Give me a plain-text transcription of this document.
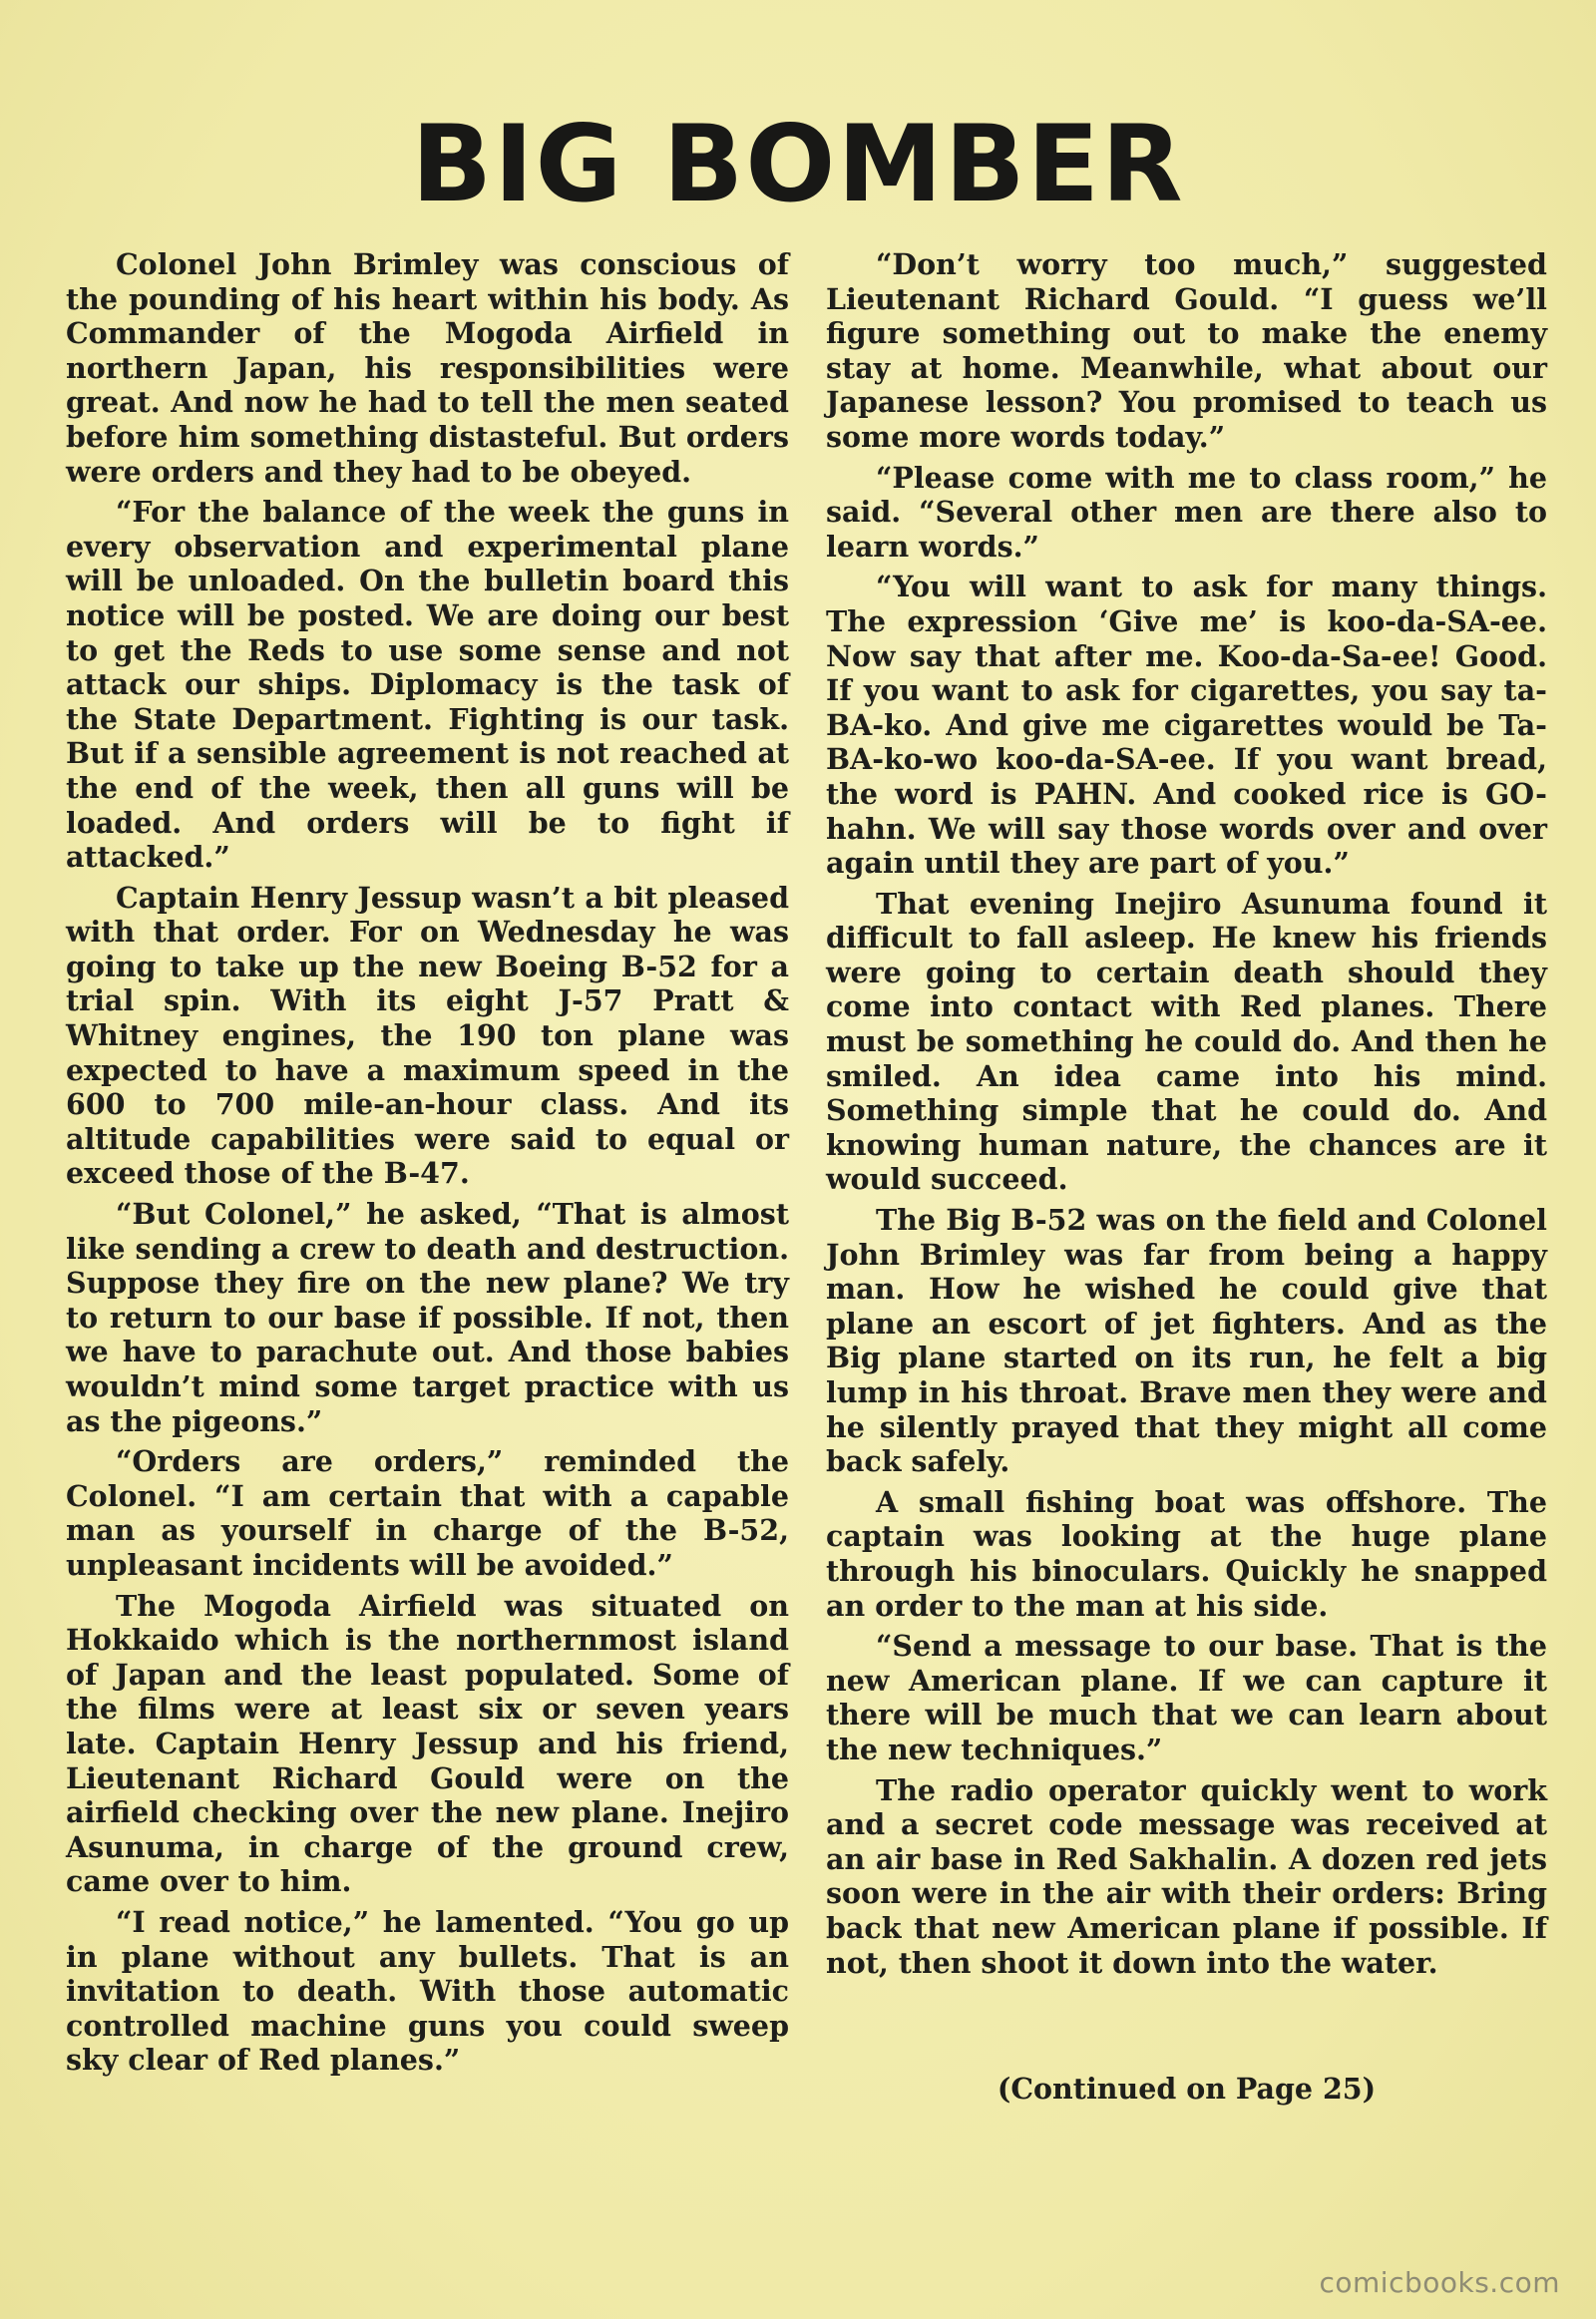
BIG BOMBER

Colonel John Brimley was conscious of the pounding of his heart within his body. As Commander of the Mogoda Airfield in northern Japan, his responsibilities were great. And now he had to tell the men seated before him something distasteful. But orders were orders and they had to be obeyed.

“For the balance of the week the guns in every observation and experimental plane will be unloaded. On the bulletin board this notice will be posted. We are doing our best to get the Reds to use some sense and not attack our ships. Diplomacy is the task of the State Department. Fighting is our task. But if a sensible agreement is not reached at the end of the week, then all guns will be loaded. And orders will be to fight if attacked.”

Captain Henry Jessup wasn’t a bit pleased with that order. For on Wednesday he was going to take up the new Boeing B-52 for a trial spin. With its eight J-57 Pratt & Whitney engines, the 190 ton plane was expected to have a maximum speed in the 600 to 700 mile-an-hour class. And its altitude capabilities were said to equal or exceed those of the B-47.

“But Colonel,” he asked, “That is almost like sending a crew to death and destruction. Suppose they fire on the new plane? We try to return to our base if possible. If not, then we have to parachute out. And those babies wouldn’t mind some target practice with us as the pigeons.”

“Orders are orders,” reminded the Colonel. “I am certain that with a capable man as yourself in charge of the B-52, unpleasant incidents will be avoided.”

The Mogoda Airfield was situated on Hokkaido which is the northernmost island of Japan and the least populated. Some of the films were at least six or seven years late. Captain Henry Jessup and his friend, Lieutenant Richard Gould were on the airfield checking over the new plane. Inejiro Asunuma, in charge of the ground crew, came over to him.

“I read notice,” he lamented. “You go up in plane without any bullets. That is an invitation to death. With those automatic controlled machine guns you could sweep sky clear of Red planes.”

“Don’t worry too much,” suggested Lieutenant Richard Gould. “I guess we’ll figure something out to make the enemy stay at home. Meanwhile, what about our Japanese lesson? You promised to teach us some more words today.”

“Please come with me to class room,” he said. “Several other men are there also to learn words.”

“You will want to ask for many things. The expression ‘Give me’ is koo-da-SA-ee. Now say that after me. Koo-da-Sa-ee! Good. If you want to ask for cigarettes, you say ta-BA-ko. And give me cigarettes would be Ta-BA-ko-wo koo-da-SA-ee. If you want bread, the word is PAHN. And cooked rice is GO-hahn. We will say those words over and over again until they are part of you.”

That evening Inejiro Asunuma found it difficult to fall asleep. He knew his friends were going to certain death should they come into contact with Red planes. There must be something he could do. And then he smiled. An idea came into his mind. Something simple that he could do. And knowing human nature, the chances are it would succeed.

The Big B-52 was on the field and Colonel John Brimley was far from being a happy man. How he wished he could give that plane an escort of jet fighters. And as the Big plane started on its run, he felt a big lump in his throat. Brave men they were and he silently prayed that they might all come back safely.

A small fishing boat was offshore. The captain was looking at the huge plane through his binoculars. Quickly he snapped an order to the man at his side.

“Send a message to our base. That is the new American plane. If we can capture it there will be much that we can learn about the new techniques.”

The radio operator quickly went to work and a secret code message was received at an air base in Red Sakhalin. A dozen red jets soon were in the air with their orders: Bring back that new American plane if possible. If not, then shoot it down into the water.

(Continued on Page 25)
comicbooks.com
